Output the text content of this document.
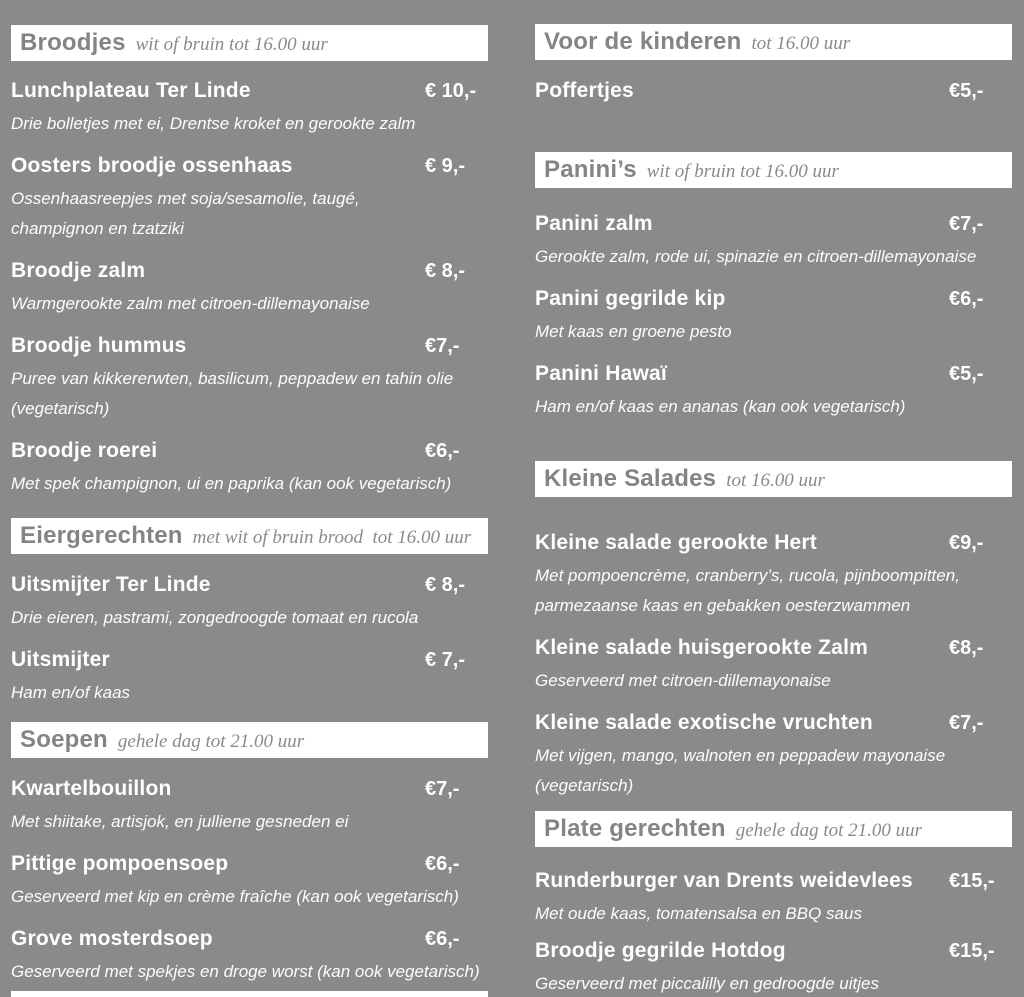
Broodjes wit of bruin tot 16.00 uur
Lunchplateau Ter Linde	€ 10,-
Drie bolletjes met ei, Drentse kroket en gerookte zalm
Oosters broodje ossenhaas	€ 9,-
Ossenhaasreepjes met soja/sesamolie, taugé,
champignon en tzatziki
Broodje zalm	€ 8,-
Warmgerookte zalm met citroen-dillemayonaise
Broodje hummus	€7,-
Puree van kikkererwten, basilicum, peppadew en tahin olie
(vegetarisch)
Broodje roerei	€6,-
Met spek champignon, ui en paprika (kan ook vegetarisch)
Eiergerechten met wit of bruin brood  tot 16.00 uur
Uitsmijter Ter Linde	€ 8,-
Drie eieren, pastrami, zongedroogde tomaat en rucola
Uitsmijter	€ 7,-
Ham en/of kaas
Soepen gehele dag tot 21.00 uur
Kwartelbouillon	€7,-
Met shiitake, artisjok, en julliene gesneden ei
Pittige pompoensoep	€6,-
Geserveerd met kip en crème fraîche (kan ook vegetarisch)
Grove mosterdsoep	€6,-
Geserveerd met spekjes en droge worst (kan ook vegetarisch)
Voor de kinderen tot 16.00 uur
Poffertjes	€5,-
Panini’s wit of bruin tot 16.00 uur
Panini zalm	€7,-
Gerookte zalm, rode ui, spinazie en citroen-dillemayonaise
Panini gegrilde kip	€6,-
Met kaas en groene pesto
Panini Hawaï	€5,-
Ham en/of kaas en ananas (kan ook vegetarisch)
Kleine Salades tot 16.00 uur
Kleine salade gerookte Hert	€9,-
Met pompoencrème, cranberry’s, rucola, pijnboompitten,
parmezaanse kaas en gebakken oesterzwammen
Kleine salade huisgerookte Zalm	€8,-
Geserveerd met citroen-dillemayonaise
Kleine salade exotische vruchten	€7,-
Met vijgen, mango, walnoten en peppadew mayonaise
(vegetarisch)
Plate gerechten gehele dag tot 21.00 uur
Runderburger van Drents weidevlees	€15,-
Met oude kaas, tomatensalsa en BBQ saus
Broodje gegrilde Hotdog	€15,-
Geserveerd met piccalilly en gedroogde uitjes
